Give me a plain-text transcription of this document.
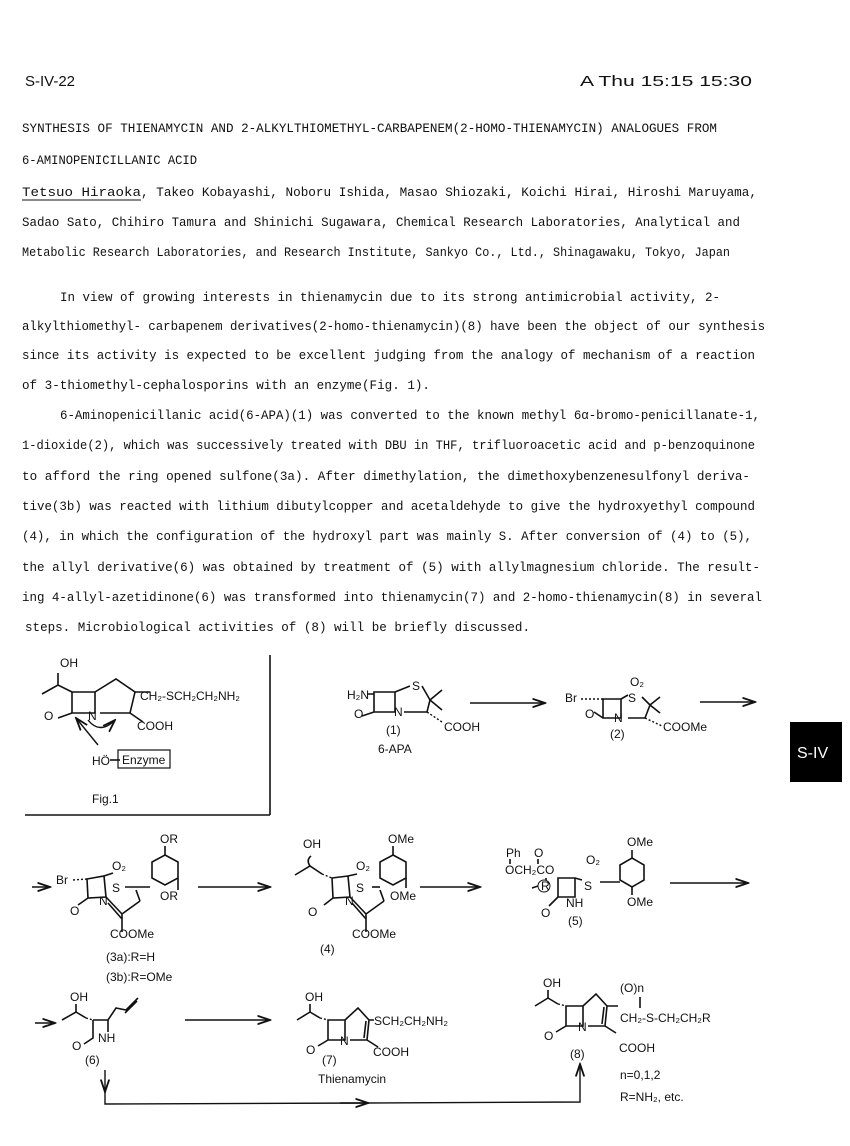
S-IV-22	A Thu 15:15 15:30
SYNTHESIS OF THIENAMYCIN AND 2-ALKYLTHIOMETHYL-CARBAPENEM(2-HOMO-THIENAMYCIN) ANALOGUES FROM
6-AMINOPENICILLANIC ACID
Tetsuo Hiraoka , Takeo Kobayashi, Noboru Ishida, Masao Shiozaki, Koichi Hirai, Hiroshi Maruyama,
Sadao Sato, Chihiro Tamura and Shinichi Sugawara, Chemical Research Laboratories, Analytical and
Metabolic Research Laboratories, and Research Institute, Sankyo Co., Ltd., Shinagawaku, Tokyo, Japan
In view of growing interests in thienamycin due to its strong antimicrobial activity, 2-
alkylthiomethyl- carbapenem derivatives(2-homo-thienamycin)(8) have been the object of our synthesis
since its activity is expected to be excellent judging from the analogy of mechanism of a reaction
of 3-thiomethyl-cephalosporins with an enzyme(Fig. 1).
6-Aminopenicillanic acid(6-APA)(1) was converted to the known methyl 6α-bromo-penicillanate-1,
1-dioxide(2), which was successively treated with DBU in THF, trifluoroacetic acid and p-benzoquinone
to afford the ring opened sulfone(3a). After dimethylation, the dimethoxybenzenesulfonyl deriva-
tive(3b) was reacted with lithium dibutylcopper and acetaldehyde to give the hydroxyethyl compound
(4), in which the configuration of the hydroxyl part was mainly S. After conversion of (4) to (5),
the allyl derivative(6) was obtained by treatment of (5) with allylmagnesium chloride. The result-
ing 4-allyl-azetidinone(6) was transformed into thienamycin(7) and 2-homo-thienamycin(8) in several
steps. Microbiological activities of (8) will be briefly discussed.
S-IV
OH
O	N
CH₂-SCH₂CH₂NH₂
COOH
HÖ Enzyme
Fig.1
H₂N
S
N
O
COOH
(1)
6-APA
Br	S
O₂
N
O
COOMe
(2)
Br
S
O₂
N
O
OR
OR
COOMe
(3a):R=H
(3b):R=OMe
OH
S
O₂
N
O
OMe
OMe
COOMe
(4)
Ph O
OCH₂CO
R	S
O₂
NH
O
OMe
OMe
(5)
OH
NH
O
(6)
OH
SCH₂CH₂NH₂
N
O	COOH
(7)
Thienamycin
OH	(O)n
CH₂-S-CH₂CH₂R
N
O
COOH
(8)
n=0,1,2
R=NH₂, etc.
